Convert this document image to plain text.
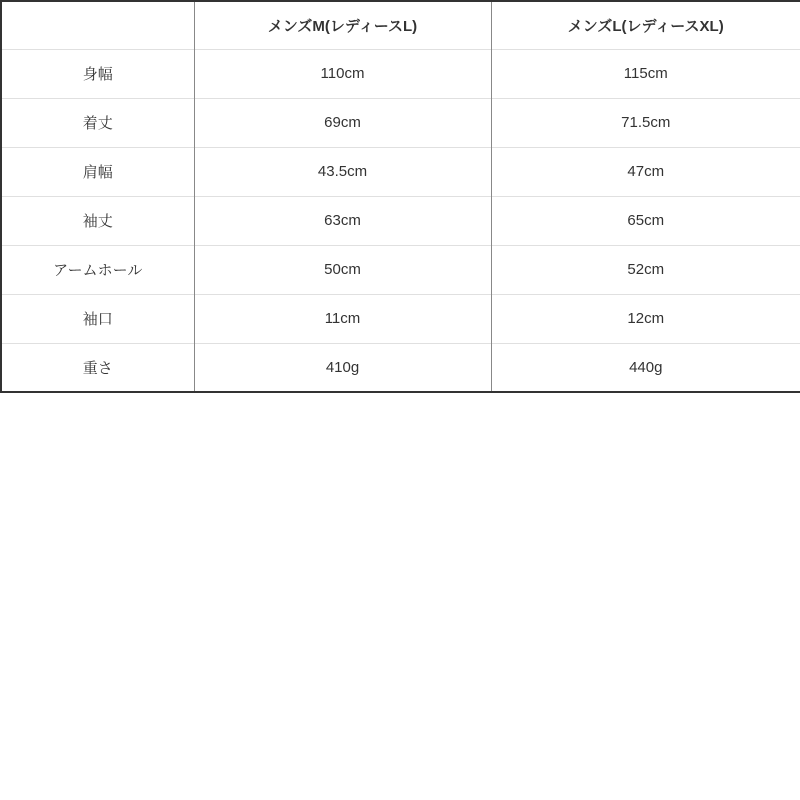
	メンズM(レディースL)	メンズL(レディースXL)
身幅	110cm	115cm
着丈	69cm	71.5cm
肩幅	43.5cm	47cm
袖丈	63cm	65cm
アームホール	50cm	52cm
袖口	11cm	12cm
重さ	410g	440g
